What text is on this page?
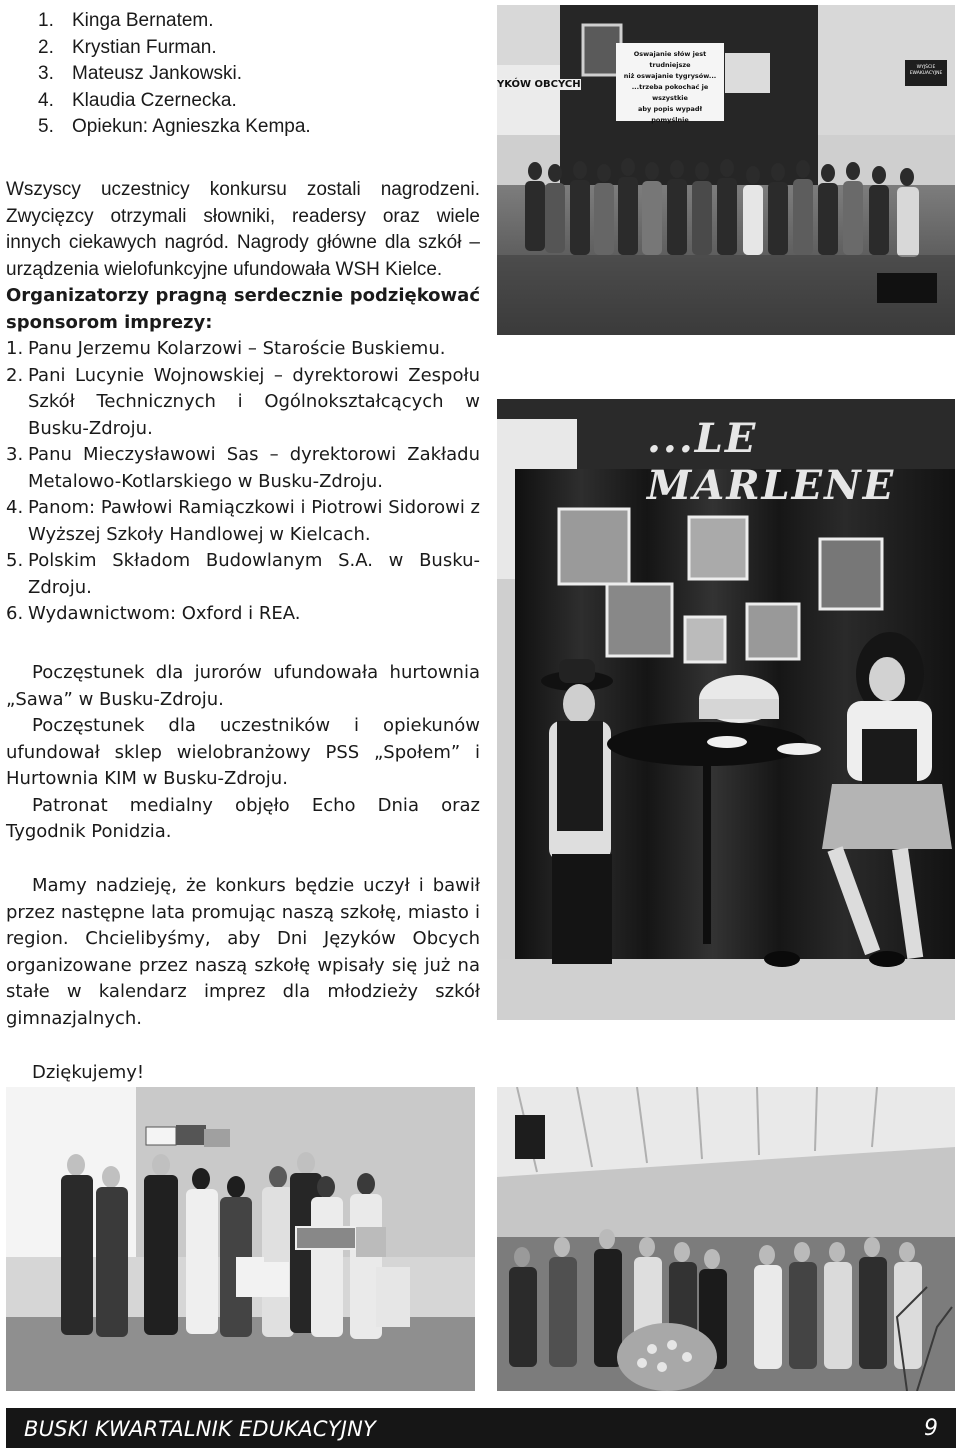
1. Kinga Bernatem.
2. Krystian Furman.
3. Mateusz Jankowski.
4. Klaudia Czernecka.
5. Opiekun: Agnieszka Kempa.

Wszyscy uczestnicy konkursu zostali nagrodzeni. Zwycięzcy otrzymali słowniki, readersy oraz wiele innych ciekawych nagród. Nagrody główne dla szkół – urządzenia wielofunkcyjne ufundowała WSH Kielce.

Organizatorzy pragną serdecznie podziękować sponsorom imprezy:

1. Panu Jerzemu Kolarzowi – Staroście Buskiemu.
2. Pani Lucynie Wojnowskiej – dyrektorowi Zespołu Szkół Technicznych i Ogólnokształcących w Busku-Zdroju.
3. Panu Mieczysławowi Sas – dyrektorowi Zakładu Metalowo-Kotlarskiego w Busku-Zdroju.
4. Panom: Pawłowi Ramiączkowi i Piotrowi Sidorowi z Wyższej Szkoły Handlowej w Kielcach.
5. Polskim Składom Budowlanym S.A. w Busku-Zdroju.
6. Wydawnictwom: Oxford i REA.

Poczęstunek dla jurorów ufundowała hurtownia „Sawa” w Busku-Zdroju.

Poczęstunek dla uczestników i opiekunów ufundował sklep wielobranżowy PSS „Społem” i Hurtownia KIM w Busku-Zdroju.

Patronat medialny objęło Echo Dnia oraz Tygodnik Ponidzia.

Mamy nadzieję, że konkurs będzie uczył i bawił przez następne lata promując naszą szkołę, miasto i region. Chcielibyśmy, aby Dni Języków Obcych organizowane przez naszą szkołę wpisały się już na stałe w kalendarz imprez dla młodzieży szkół gimnazjalnych.

Dziękujemy!

YKÓW OBCYCH
Oswajanie słów jest trudniejsze
niż oswajanie tygrysów...
...trzeba pokochać je wszystkie
aby popis wypadł pomyślnie
WYJŚCIE EWAKUACYJNE
...LE MARLENE
BUSKI KWARTALNIK EDUKACYJNY	9
